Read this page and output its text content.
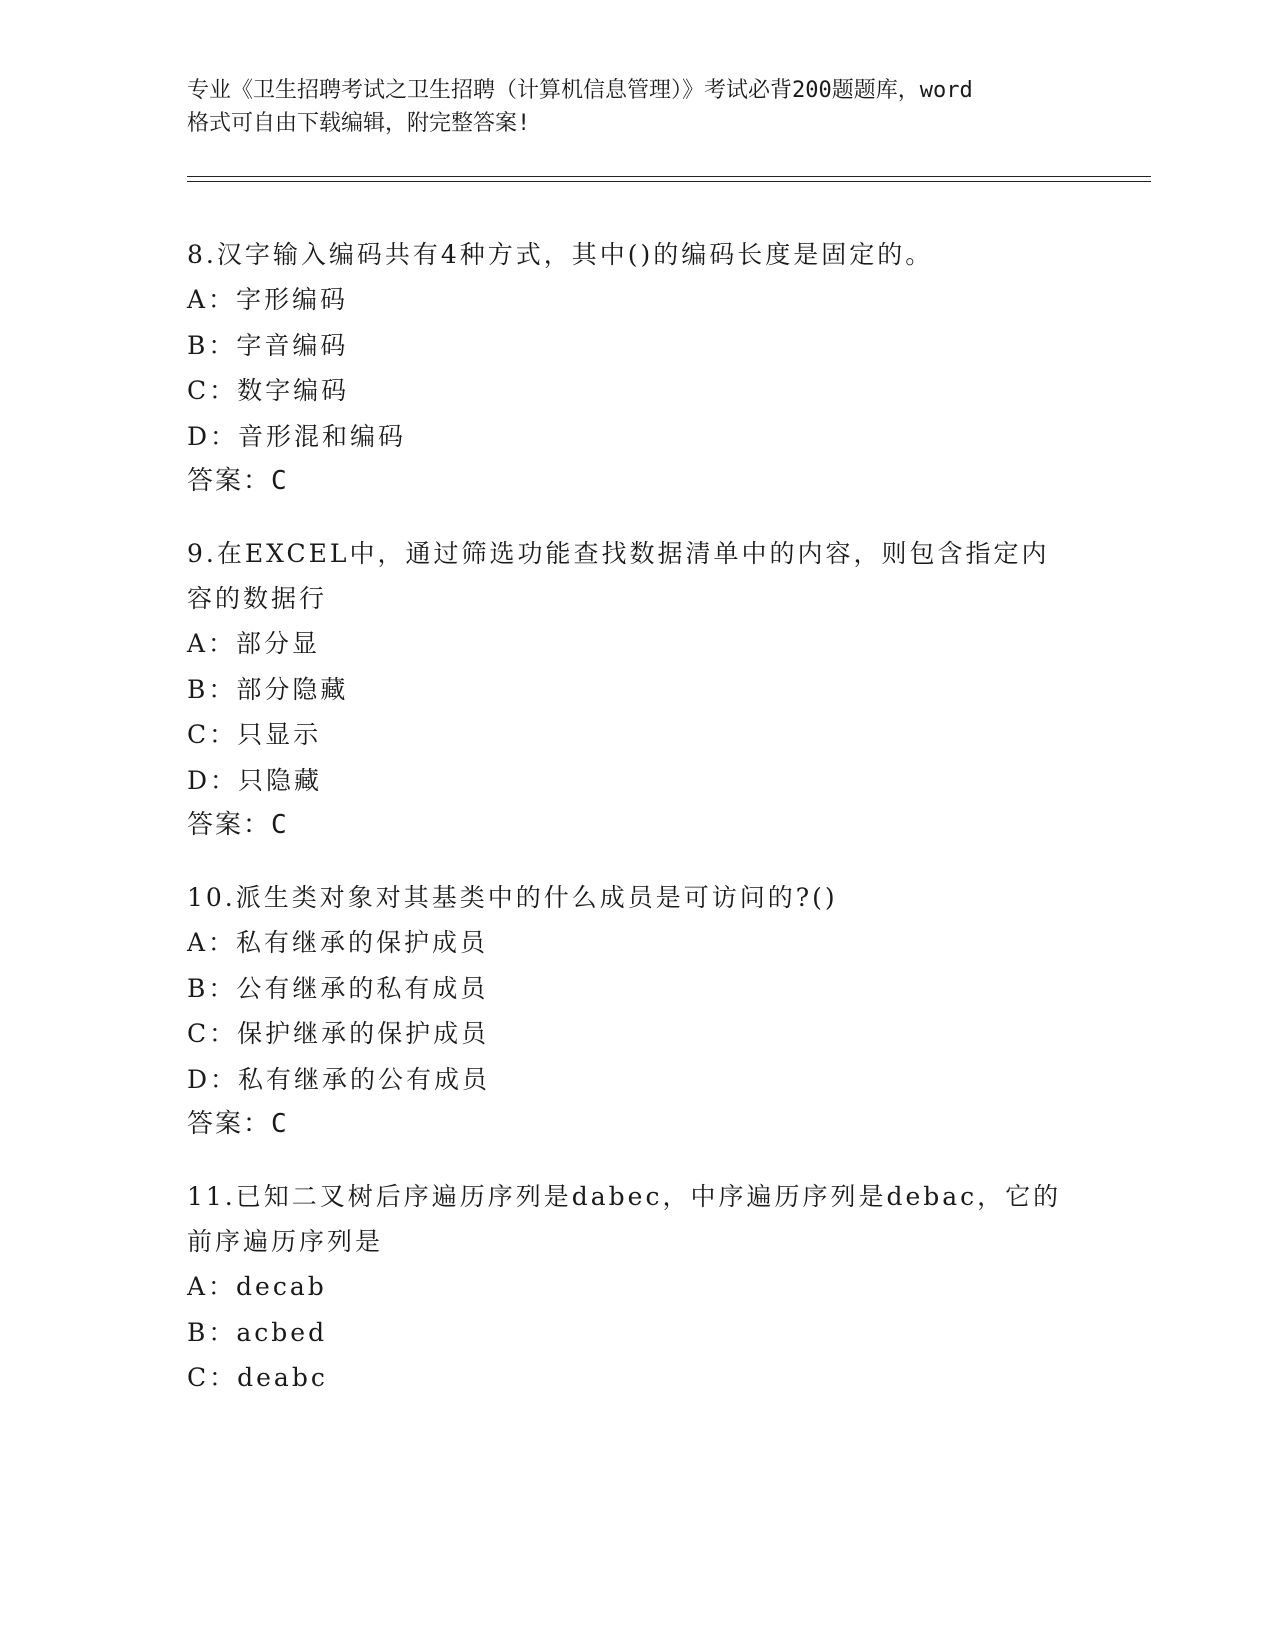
专业《卫生招聘考试之卫生招聘（计算机信息管理）》考试必背200题题库，word
格式可自由下载编辑，附完整答案!

8.汉字输入编码共有4种方式，其中()的编码长度是固定的。

A：字形编码

B：字音编码

C：数字编码

D：音形混和编码

答案：C

9.在EXCEL中，通过筛选功能查找数据清单中的内容，则包含指定内容的数据行

A：部分显

B：部分隐藏

C：只显示

D：只隐藏

答案：C

10.派生类对象对其基类中的什么成员是可访问的?()

A：私有继承的保护成员

B：公有继承的私有成员

C：保护继承的保护成员

D：私有继承的公有成员

答案：C

11.已知二叉树后序遍历序列是dabec，中序遍历序列是debac，它的前序遍历序列是

A：decab

B：acbed

C：deabc
